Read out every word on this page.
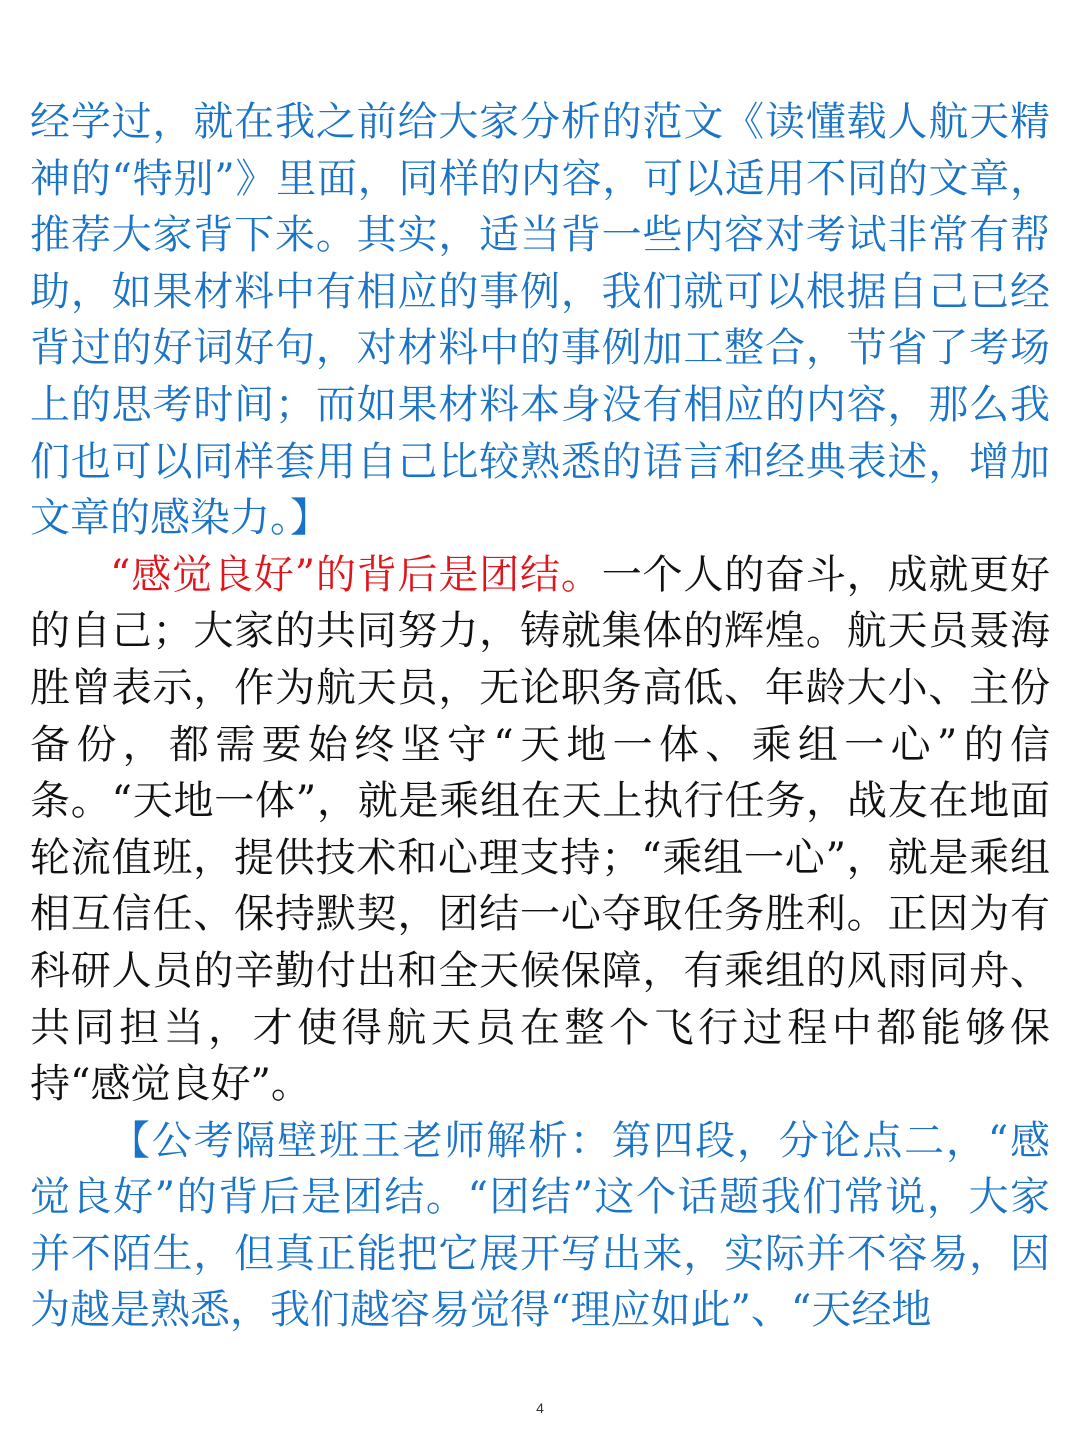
经学过，就在我之前给大家分析的范文《读懂载人航天精神的“特别”》里面，同样的内容，可以适用不同的文章，推荐大家背下来。其实，适当背一些内容对考试非常有帮助，如果材料中有相应的事例，我们就可以根据自己已经背过的好词好句，对材料中的事例加工整合，节省了考场上的思考时间；而如果材料本身没有相应的内容，那么我们也可以同样套用自己比较熟悉的语言和经典表述，增加文章的感染力。】

“感觉良好”的背后是团结。一个人的奋斗，成就更好的自己；大家的共同努力，铸就集体的辉煌。航天员聂海胜曾表示，作为航天员，无论职务高低、年龄大小、主份备份，都需要始终坚守“天地一体、乘组一心”的信条。“天地一体”，就是乘组在天上执行任务，战友在地面轮流值班，提供技术和心理支持；“乘组一心”，就是乘组相互信任、保持默契，团结一心夺取任务胜利。正因为有科研人员的辛勤付出和全天候保障，有乘组的风雨同舟、共同担当，才使得航天员在整个飞行过程中都能够保持“感觉良好”。

【公考隔壁班王老师解析：第四段，分论点二，“感觉良好”的背后是团结。“团结”这个话题我们常说，大家并不陌生，但真正能把它展开写出来，实际并不容易，因为越是熟悉，我们越容易觉得“理应如此”、“天经地

4
